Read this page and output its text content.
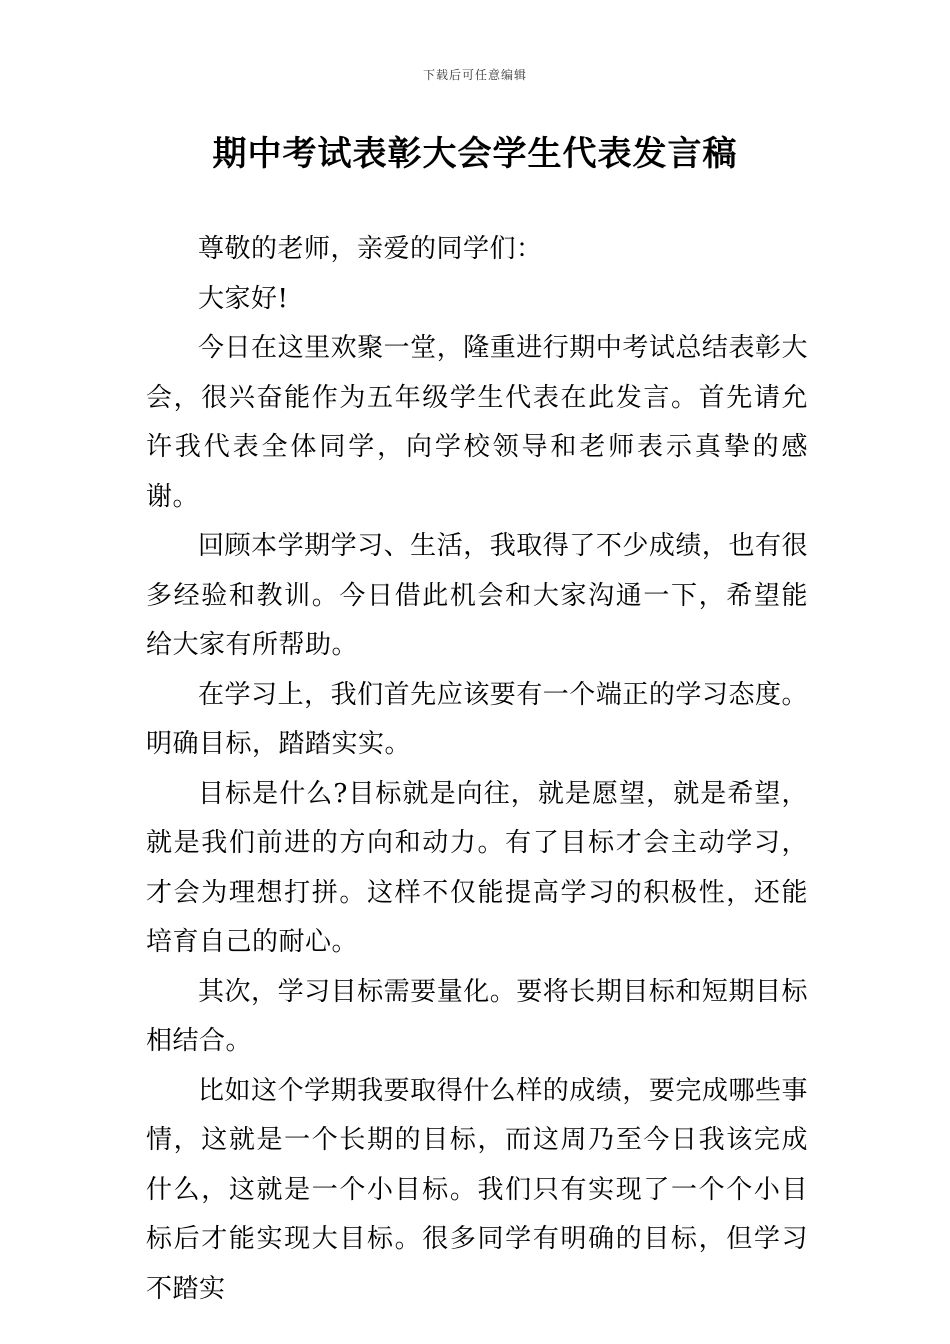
下载后可任意编辑
期中考试表彰大会学生代表发言稿

尊敬的老师，亲爱的同学们：

大家好!

今日在这里欢聚一堂，隆重进行期中考试总结表彰大会，很兴奋能作为五年级学生代表在此发言。首先请允许我代表全体同学，向学校领导和老师表示真挚的感谢。

回顾本学期学习、生活，我取得了不少成绩，也有很多经验和教训。今日借此机会和大家沟通一下，希望能给大家有所帮助。

在学习上，我们首先应该要有一个端正的学习态度。明确目标，踏踏实实。

目标是什么?目标就是向往，就是愿望，就是希望，就是我们前进的方向和动力。有了目标才会主动学习，才会为理想打拼。这样不仅能提高学习的积极性，还能培育自己的耐心。

其次，学习目标需要量化。要将长期目标和短期目标相结合。

比如这个学期我要取得什么样的成绩，要完成哪些事情，这就是一个长期的目标，而这周乃至今日我该完成什么，这就是一个小目标。我们只有实现了一个个小目标后才能实现大目标。很多同学有明确的目标，但学习不踏实
